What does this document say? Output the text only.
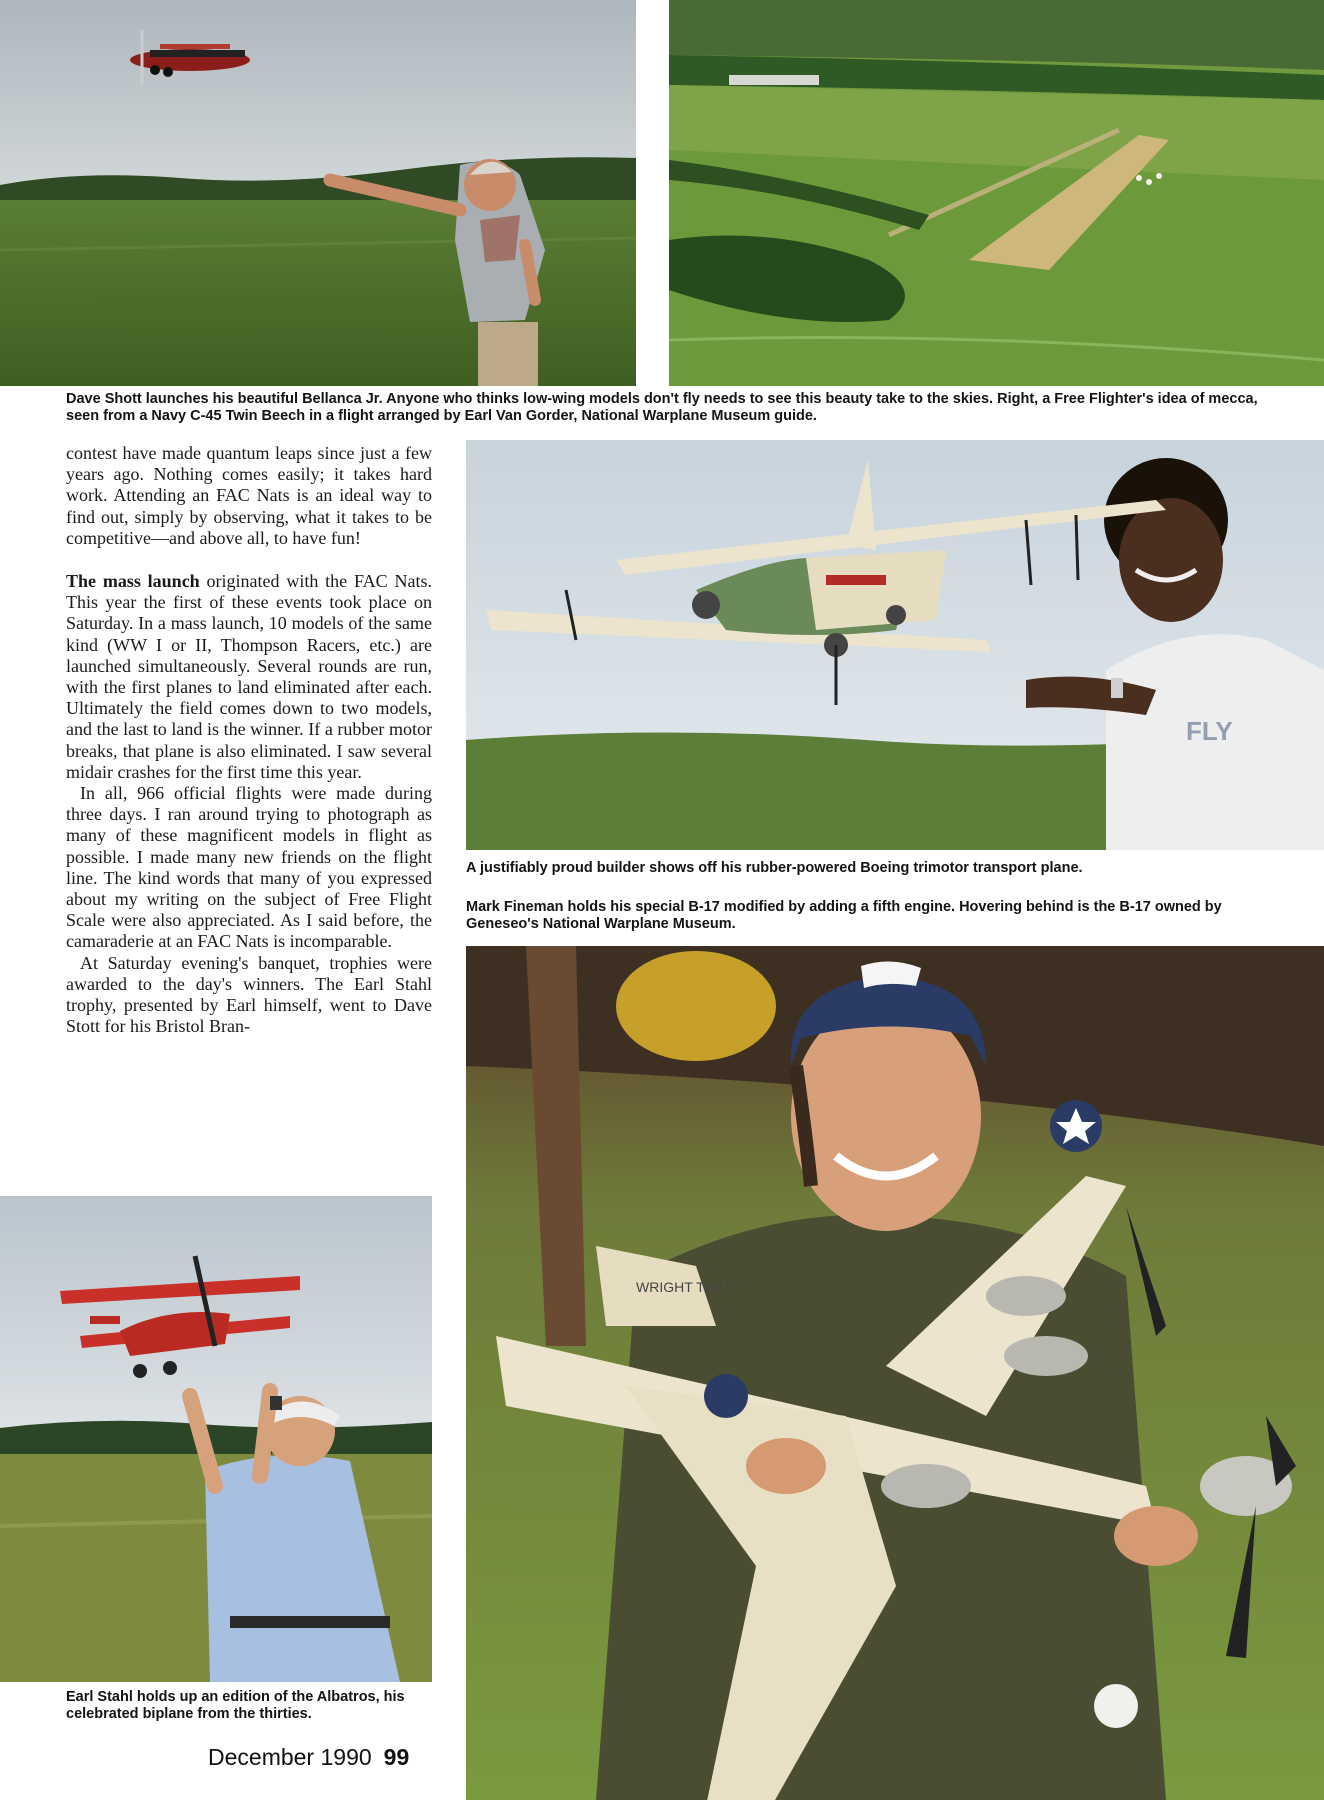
Dave Shott launches his beautiful Bellanca Jr. Anyone who thinks low-wing models don't fly needs to see this beauty take to the skies. Right, a Free Flighter's idea of mecca, seen from a Navy C-45 Twin Beech in a flight arranged by Earl Van Gorder, National Warplane Museum guide.

contest have made quantum leaps since just a few years ago. Nothing comes easily; it takes hard work. Attending an FAC Nats is an ideal way to find out, simply by observing, what it takes to be competitive—and above all, to have fun!

The mass launch originated with the FAC Nats. This year the first of these events took place on Saturday. In a mass launch, 10 models of the same kind (WW I or II, Thompson Racers, etc.) are launched simultaneously. Several rounds are run, with the first planes to land eliminated after each. Ultimately the field comes down to two models, and the last to land is the winner. If a rubber motor breaks, that plane is also eliminated. I saw several midair crashes for the first time this year.

In all, 966 official flights were made during three days. I ran around trying to photograph as many of these magnificent models in flight as possible. I made many new friends on the flight line. The kind words that many of you expressed about my writing on the subject of Free Flight Scale were also appreciated. As I said before, the camaraderie at an FAC Nats is incomparable.

At Saturday evening's banquet, trophies were awarded to the day's winners. The Earl Stahl trophy, presented by Earl himself, went to Dave Stott for his Bristol Bran-

FLY

A justifiably proud builder shows off his rubber-powered Boeing trimotor transport plane.

Mark Fineman holds his special B-17 modified by adding a fifth engine. Hovering behind is the B-17 owned by Geneseo's National Warplane Museum.

WRIGHT TEST

Earl Stahl holds up an edition of the Albatros, his celebrated biplane from the thirties.

December 1990 99
